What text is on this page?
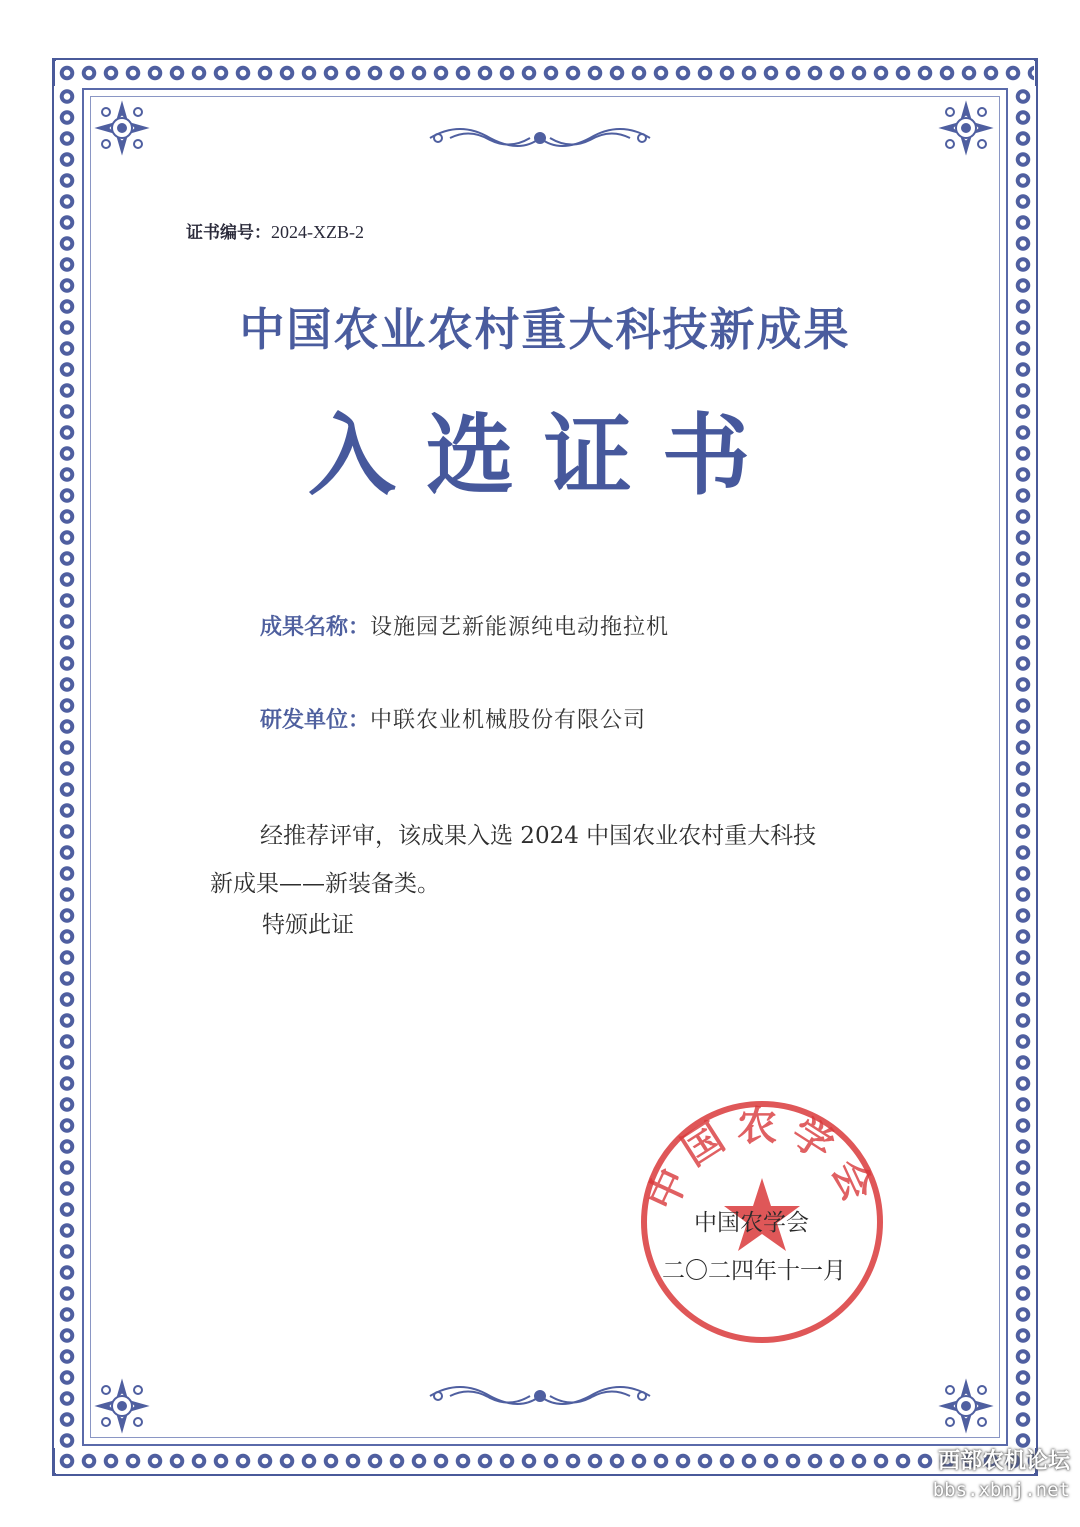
证书编号：2024-XZB-2
中国农业农村重大科技新成果
入选证书
成果名称：设施园艺新能源纯电动拖拉机
研发单位：中联农业机械股份有限公司
经推荐评审，该成果入选 2024 中国农业农村重大科技
新成果——新装备类。
特颁此证
中国农学会
中国农学会
二〇二四年十一月
西部农机论坛
bbs.xbnj.net
